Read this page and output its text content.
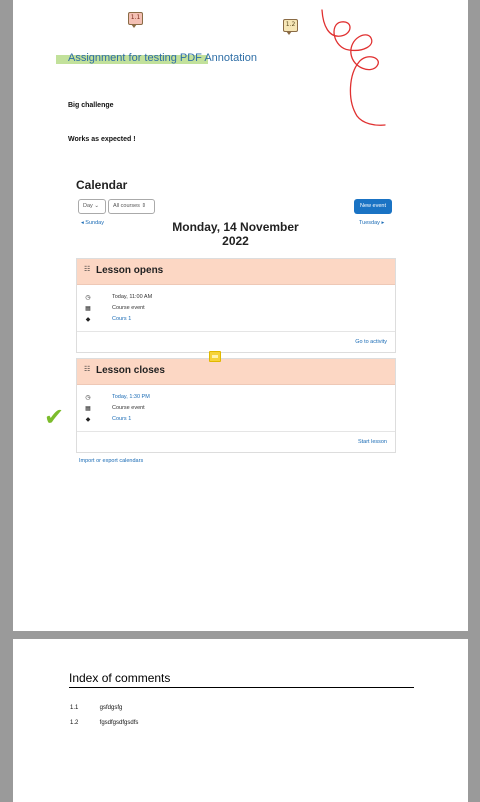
1.1
1.2
Assignment for testing PDF Annotation
Big challenge
Works as expected !
Calendar
Day ⌄	All courses ⇕	New event
◂ Sunday	Monday, 14 November 2022
Tuesday ▸
☷ Lesson opens
◷	Today, 11:00 AM
▦	Course event
◆	Cours 1
Go to activity
☷ Lesson closes
◷	Today, 1:30 PM
▦	Course event
◆	Cours 1
Start lesson
Import or export calendars
✔
Index of comments
1.1	gsfdgsfg
1.2	fgsdfgsdfgsdfs
